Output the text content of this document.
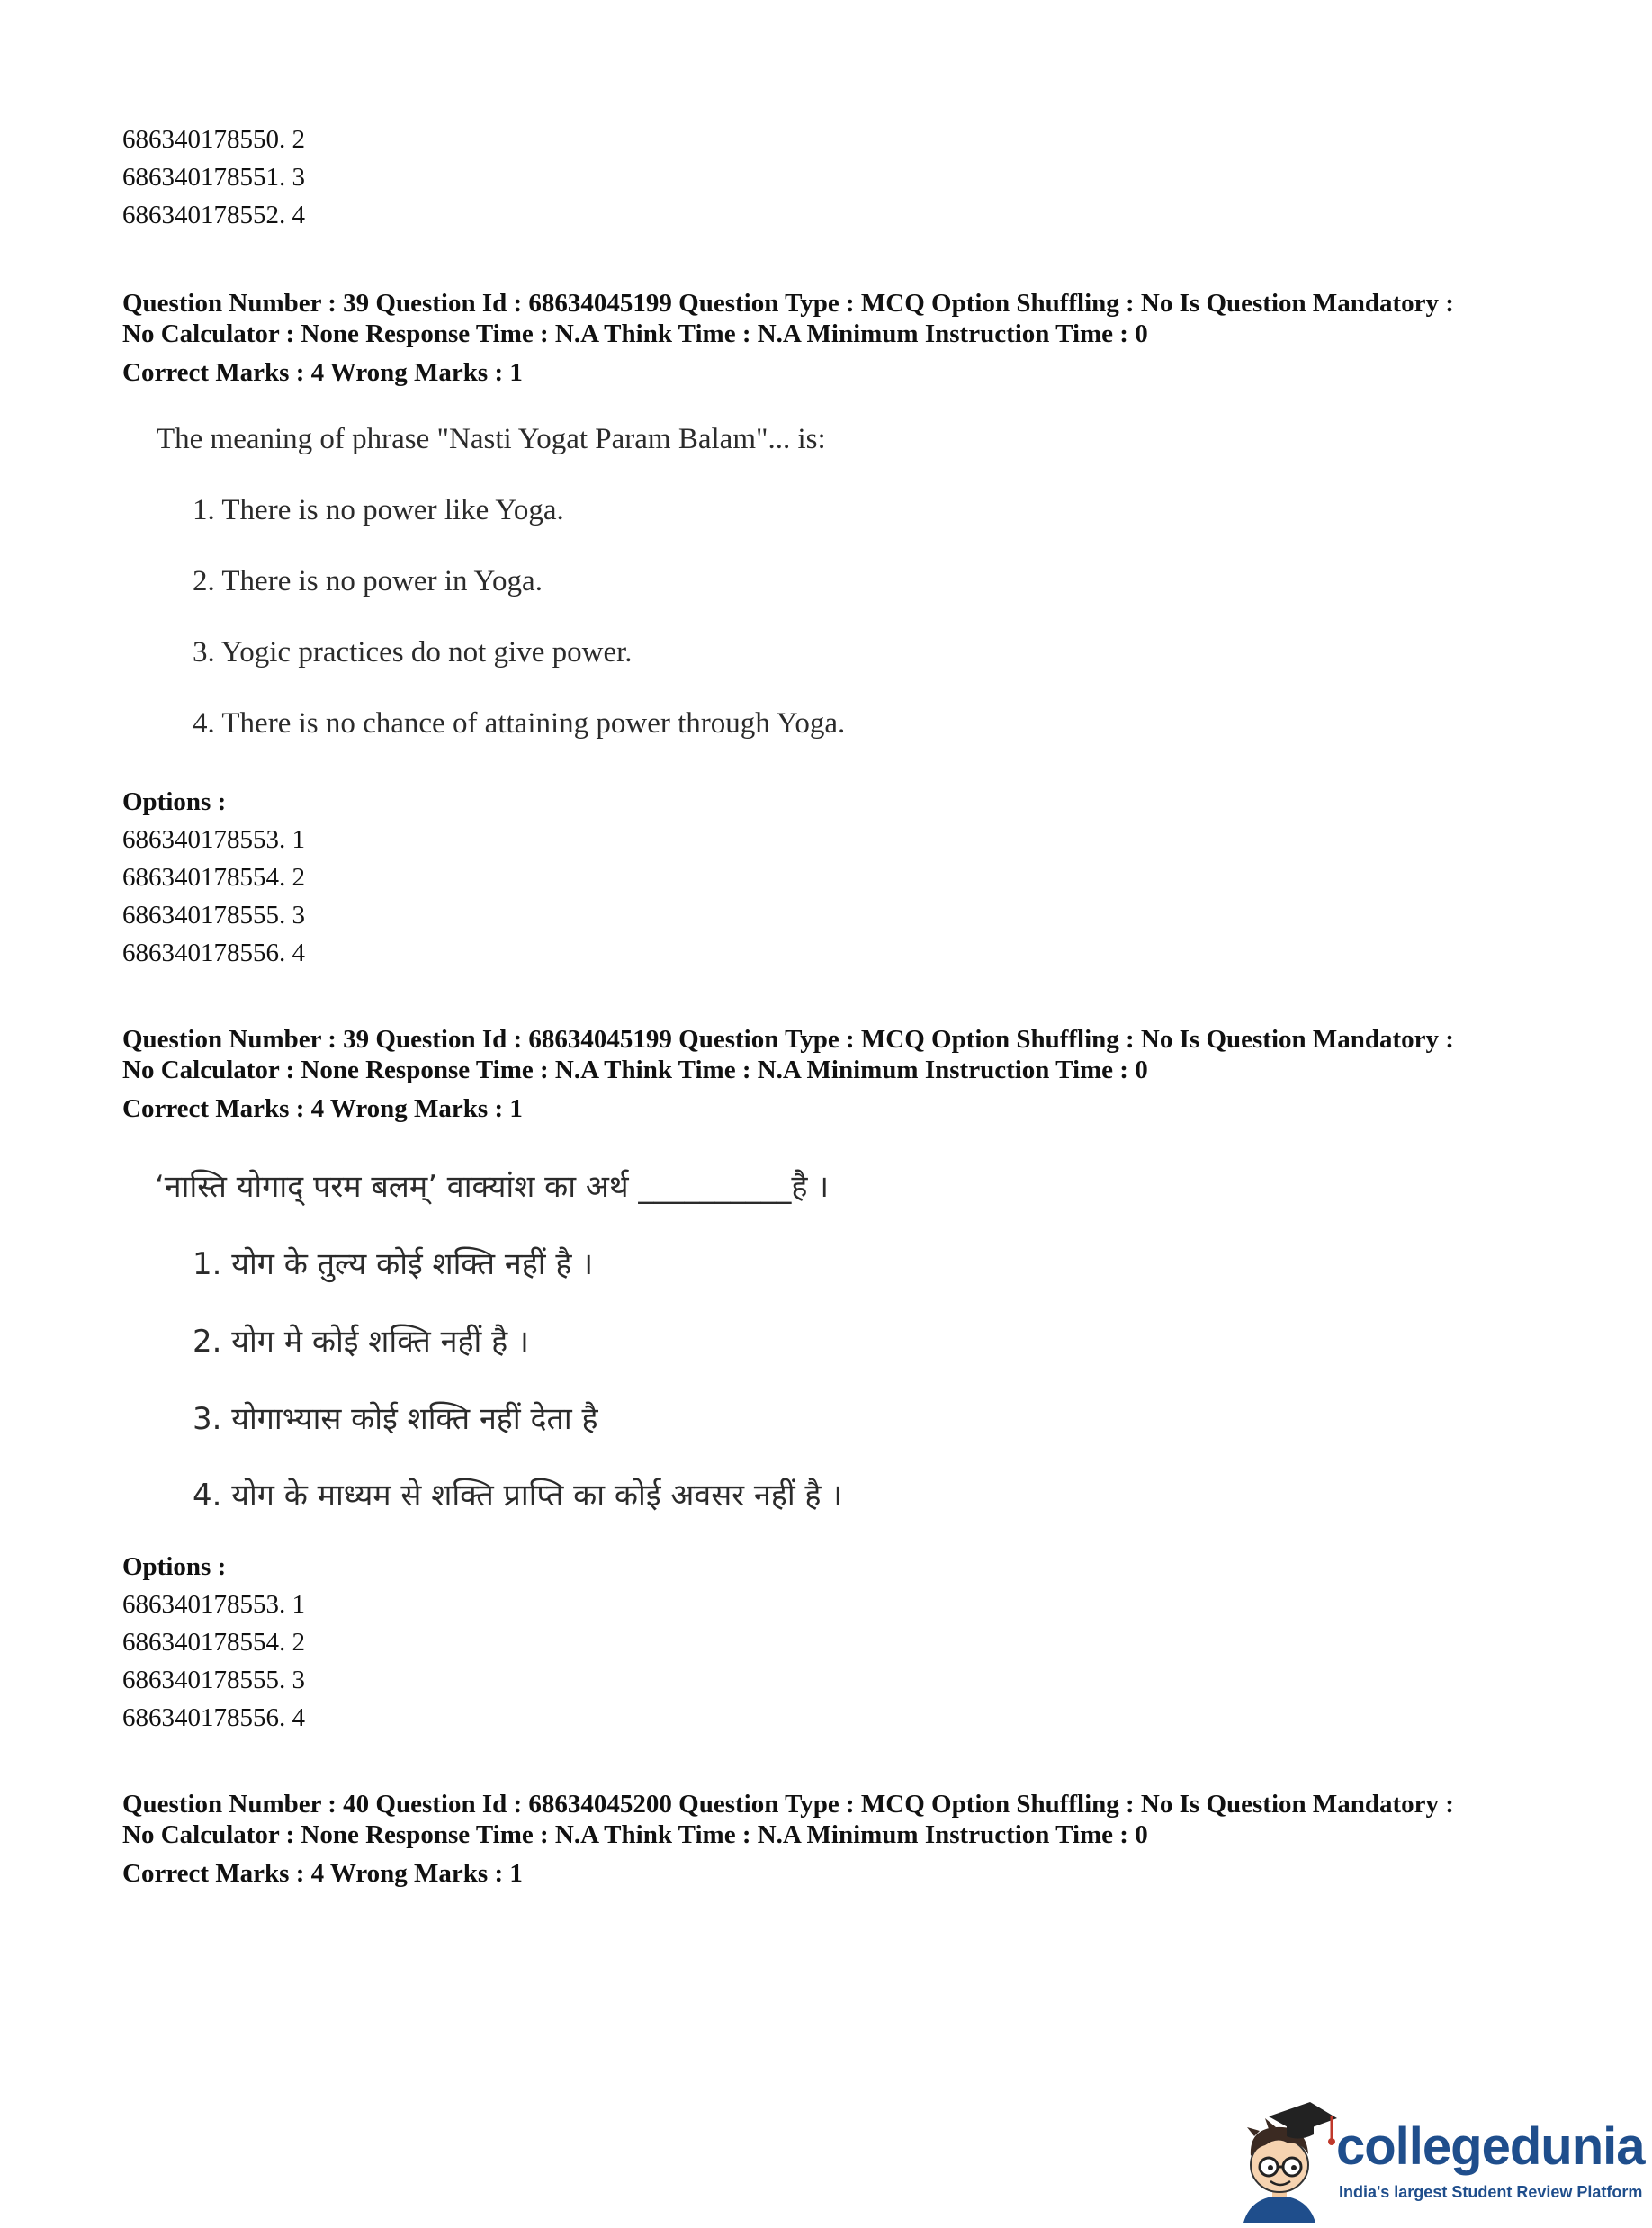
686340178550. 2
686340178551. 3
686340178552. 4
Question Number : 39 Question Id : 68634045199 Question Type : MCQ Option Shuffling : No Is Question Mandatory :
No Calculator : None Response Time : N.A Think Time : N.A Minimum Instruction Time : 0
Correct Marks : 4 Wrong Marks : 1
The meaning of phrase "Nasti Yogat Param Balam"... is:
1. There is no power like Yoga.
2. There is no power in Yoga.
3. Yogic practices do not give power.
4. There is no chance of attaining power through Yoga.
Options :
686340178553. 1
686340178554. 2
686340178555. 3
686340178556. 4
Question Number : 39 Question Id : 68634045199 Question Type : MCQ Option Shuffling : No Is Question Mandatory :
No Calculator : None Response Time : N.A Think Time : N.A Minimum Instruction Time : 0
Correct Marks : 4 Wrong Marks : 1
‘नास्ति योगाद् परम बलम्’ वाक्यांश का अर्थ __________है ।
1. योग के तुल्य कोई शक्ति नहीं है ।
2. योग मे कोई शक्ति नहीं है ।
3. योगाभ्यास कोई शक्ति नहीं देता है
4. योग के माध्यम से शक्ति प्राप्ति का कोई अवसर नहीं है ।
Options :
686340178553. 1
686340178554. 2
686340178555. 3
686340178556. 4
Question Number : 40 Question Id : 68634045200 Question Type : MCQ Option Shuffling : No Is Question Mandatory :
No Calculator : None Response Time : N.A Think Time : N.A Minimum Instruction Time : 0
Correct Marks : 4 Wrong Marks : 1
collegedunia
India's largest Student Review Platform
